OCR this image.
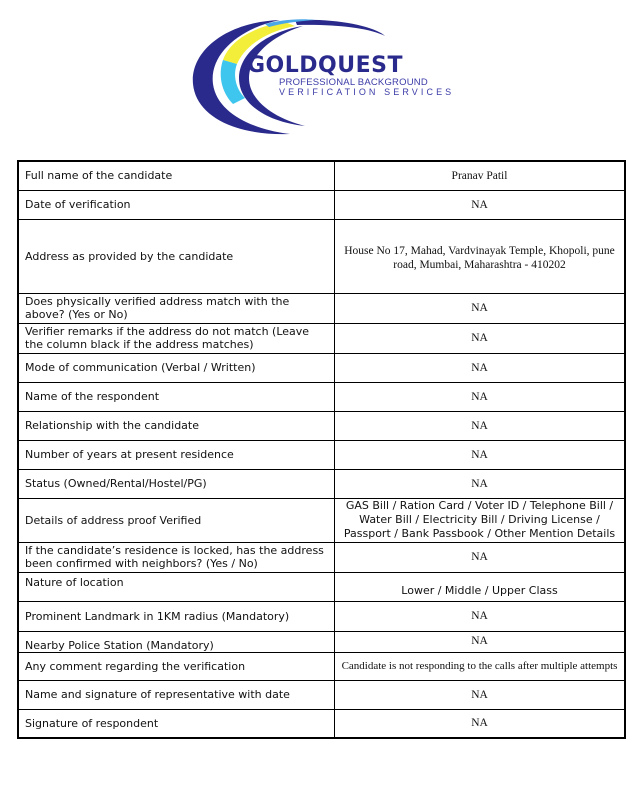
GOLDQUEST
PROFESSIONAL BACKGROUND
VERIFICATION SERVICES
Full name of the candidate	Pranav Patil
Date of verification	NA
Address as provided by the candidate	House No 17, Mahad, Vardvinayak Temple, Khopoli, pune road, Mumbai, Maharashtra - 410202
Does physically verified address match with the above? (Yes or No)	NA
Verifier remarks if the address do not match (Leave the column black if the address matches)	NA
Mode of communication (Verbal / Written)	NA
Name of the respondent	NA
Relationship with the candidate	NA
Number of years at present residence	NA
Status (Owned/Rental/Hostel/PG)	NA
Details of address proof Verified	GAS Bill / Ration Card / Voter ID / Telephone Bill / Water Bill / Electricity Bill / Driving License / Passport / Bank Passbook / Other Mention Details
If the candidate’s residence is locked, has the address been confirmed with neighbors? (Yes / No)	NA
Nature of location	Lower / Middle / Upper Class
Prominent Landmark in 1KM radius (Mandatory)	NA
Nearby Police Station (Mandatory)	NA
Any comment regarding the verification	Candidate is not responding to the calls after multiple attempts
Name and signature of representative with date	NA
Signature of respondent	NA
